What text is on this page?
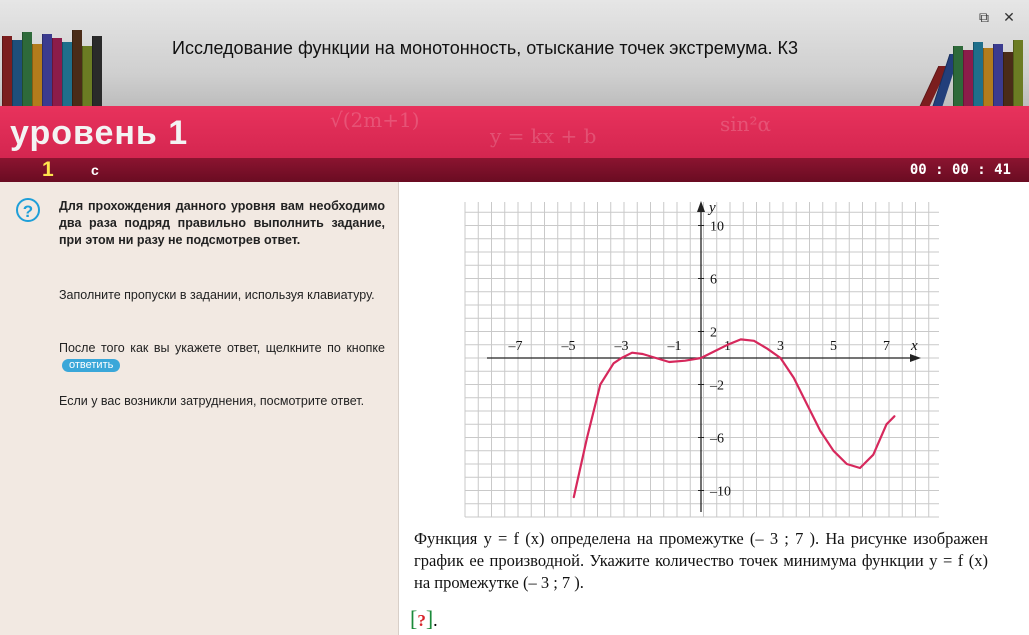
Исследование функции на монотонность, отыскание точек экстремума. К3
⧉ ✕
√(2m+1)
y = kx + b	sin²α
уровень 1
1	с	00 : 00 : 41
?	Для прохождения данного уровня вам необходимо два раза подряд правильно выполнить задание, при этом ни разу не подсмотрев ответ.
Заполните пропуски в задании, используя клавиатуру.
После того как вы укажете ответ, щелкните по кнопкеответить
Если у вас возникли затруднения, посмотрите ответ.
x
y
–7	–5	–3	–1	1	3	5	7
10
6
2
–2
–6
–10
Функция y = f (x) определена на промежутке (– 3 ; 7 ). На рисунке изображен график ее производной. Укажите количество точек минимума функции y = f (x) на промежутке (– 3 ; 7 ).
[?].
